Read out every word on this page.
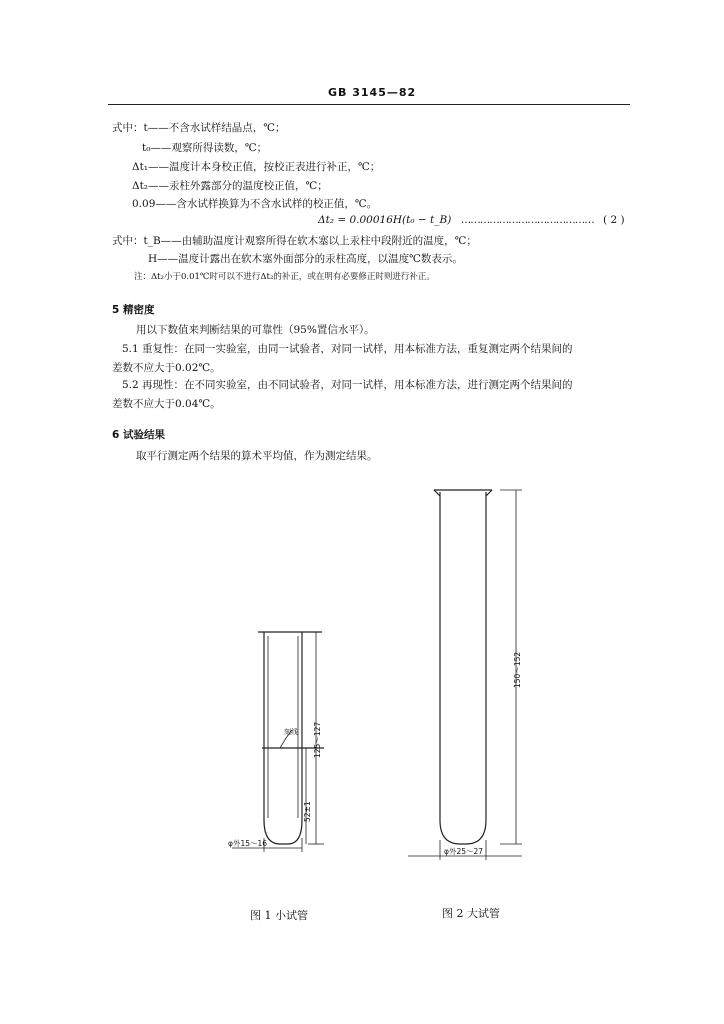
GB 3145—82
式中：t——不含水试样结晶点，℃；
t₀——观察所得读数，℃；
Δt₁——温度计本身校正值，按校正表进行补正，℃；
Δt₂——汞柱外露部分的温度校正值，℃；
0.09——含水试样换算为不含水试样的校正值，℃。
Δt₂ = 0.00016H(t₀ − t_B) …………………………………… ( 2 )
式中：t_B——由辅助温度计观察所得在软木塞以上汞柱中段附近的温度，℃；
H——温度计露出在软木塞外面部分的汞柱高度，以温度℃数表示。
注：Δt₂小于0.01℃时可以不进行Δt₂的补正，或在明有必要修正时则进行补正。
5 精密度
用以下数值来判断结果的可靠性（95%置信水平）。
5.1 重复性：在同一实验室，由同一试验者，对同一试样，用本标准方法，重复测定两个结果间的
差数不应大于0.02℃。
5.2 再现性：在不同实验室，由不同试验者，对同一试样，用本标准方法，进行测定两个结果间的
差数不应大于0.04℃。
6 试验结果
取平行测定两个结果的算术平均值，作为测定结果。
刻线 125～127
52±1
φ外15～16
150～152
φ外25～27
图 1 小试管	图 2 大试管
